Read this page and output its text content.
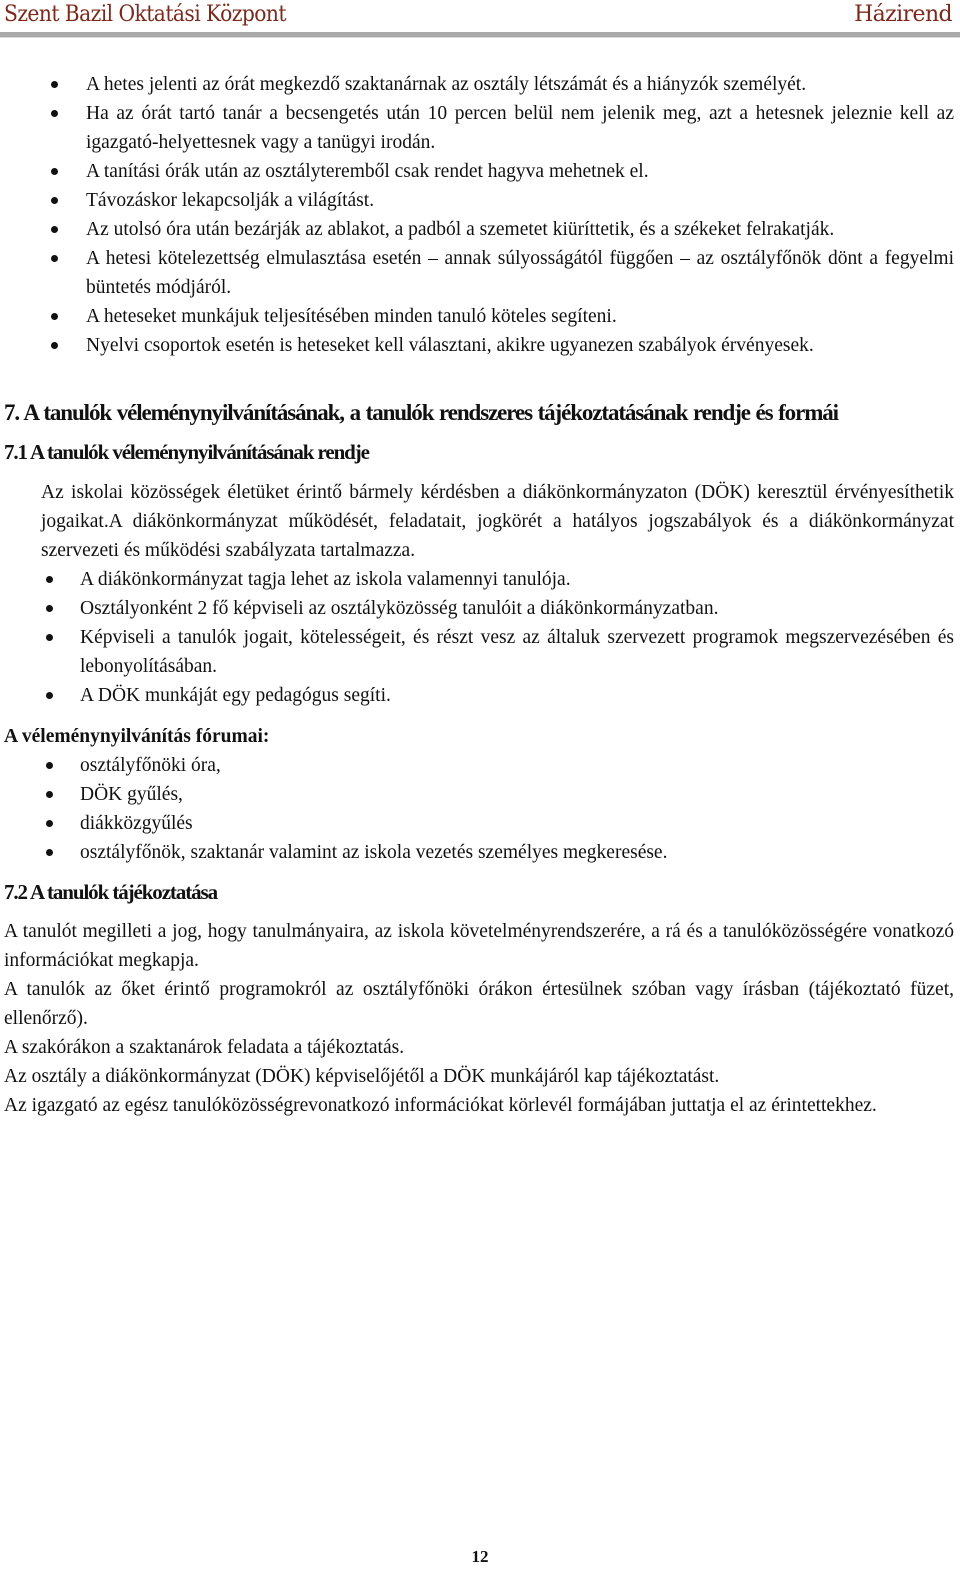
Szent Bazil Oktatási Központ	Házirend
A hetes jelenti az órát megkezdő szaktanárnak az osztály létszámát és a hiányzók személyét.
Ha az órát tartó tanár a becsengetés után 10 percen belül nem jelenik meg, azt a hetesnek jeleznie kell az igazgató-helyettesnek vagy a tanügyi irodán.
A tanítási órák után az osztályteremből csak rendet hagyva mehetnek el.
Távozáskor lekapcsolják a világítást.
Az utolsó óra után bezárják az ablakot, a padból a szemetet kiüríttetik, és a székeket felrakatják.
A hetesi kötelezettség elmulasztása esetén – annak súlyosságától függően – az osztályfőnök dönt a fegyelmi büntetés módjáról.
A heteseket munkájuk teljesítésében minden tanuló köteles segíteni.
Nyelvi csoportok esetén is heteseket kell választani, akikre ugyanezen szabályok érvényesek.
7. A tanulók véleménynyilvánításának, a tanulók rendszeres tájékoztatásának rendje és formái
7.1 A tanulók véleménynyilvánításának rendje

Az iskolai közösségek életüket érintő bármely kérdésben a diákönkormányzaton (DÖK) keresztül érvényesíthetik jogaikat.A diákönkormányzat működését, feladatait, jogkörét a hatályos jogszabályok és a diákönkormányzat szervezeti és működési szabályzata tartalmazza.

A diákönkormányzat tagja lehet az iskola valamennyi tanulója.
Osztályonként 2 fő képviseli az osztályközösség tanulóit a diákönkormányzatban.
Képviseli a tanulók jogait, kötelességeit, és részt vesz az általuk szervezett programok megszervezésében és lebonyolításában.
A DÖK munkáját egy pedagógus segíti.

A véleménynyilvánítás fórumai:

osztályfőnöki óra,
DÖK gyűlés,
diákközgyűlés
osztályfőnök, szaktanár valamint az iskola vezetés személyes megkeresése.
7.2 A tanulók tájékoztatása

A tanulót megilleti a jog, hogy tanulmányaira, az iskola követelményrendszerére, a rá és a tanulóközösségére vonatkozó információkat megkapja.

A tanulók az őket érintő programokról az osztályfőnöki órákon értesülnek szóban vagy írásban (tájékoztató füzet, ellenőrző).

A szakórákon a szaktanárok feladata a tájékoztatás.

Az osztály a diákönkormányzat (DÖK) képviselőjétől a DÖK munkájáról kap tájékoztatást.

Az igazgató az egész tanulóközösségrevonatkozó információkat körlevél formájában juttatja el az érintettekhez.

12
